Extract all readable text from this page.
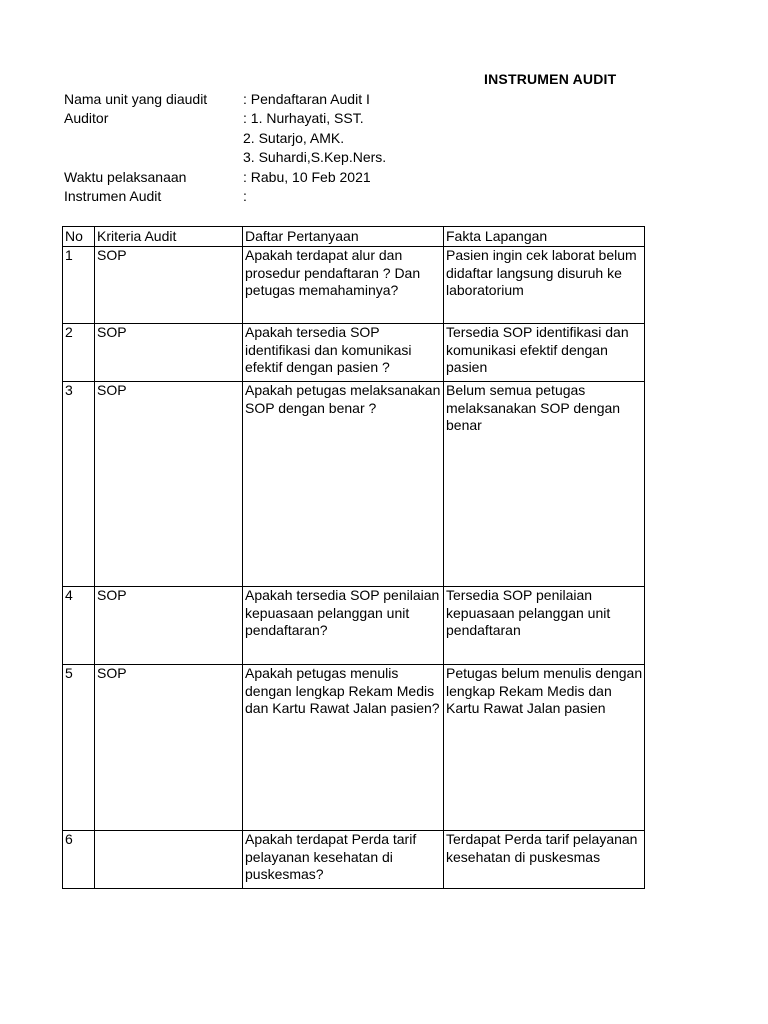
INSTRUMEN AUDIT
Nama unit yang diaudit	: Pendaftaran Audit I
Auditor	: 1. Nurhayati, SST.
2. Sutarjo, AMK.
3. Suhardi,S.Kep.Ners.
Waktu pelaksanaan	: Rabu, 10 Feb 2021
Instrumen Audit	:
No	Kriteria Audit	Daftar Pertanyaan	Fakta Lapangan
1	SOP	Apakah terdapat alur dan prosedur pendaftaran ? Dan petugas memahaminya?	Pasien ingin cek laborat belum didaftar langsung disuruh ke laboratorium
2	SOP	Apakah tersedia SOP identifikasi dan komunikasi efektif dengan pasien ?	Tersedia SOP identifikasi dan komunikasi efektif dengan pasien
3	SOP	Apakah petugas melaksanakan SOP dengan benar ?	Belum semua petugas melaksanakan SOP dengan benar
4	SOP	Apakah tersedia SOP penilaian kepuasaan pelanggan unit pendaftaran?	Tersedia SOP penilaian kepuasaan pelanggan unit pendaftaran
5	SOP	Apakah petugas menulis dengan lengkap Rekam Medis dan Kartu Rawat Jalan pasien?	Petugas belum menulis dengan lengkap Rekam Medis dan Kartu Rawat Jalan pasien
6		Apakah terdapat Perda tarif pelayanan kesehatan di puskesmas?	Terdapat Perda tarif pelayanan kesehatan di puskesmas
